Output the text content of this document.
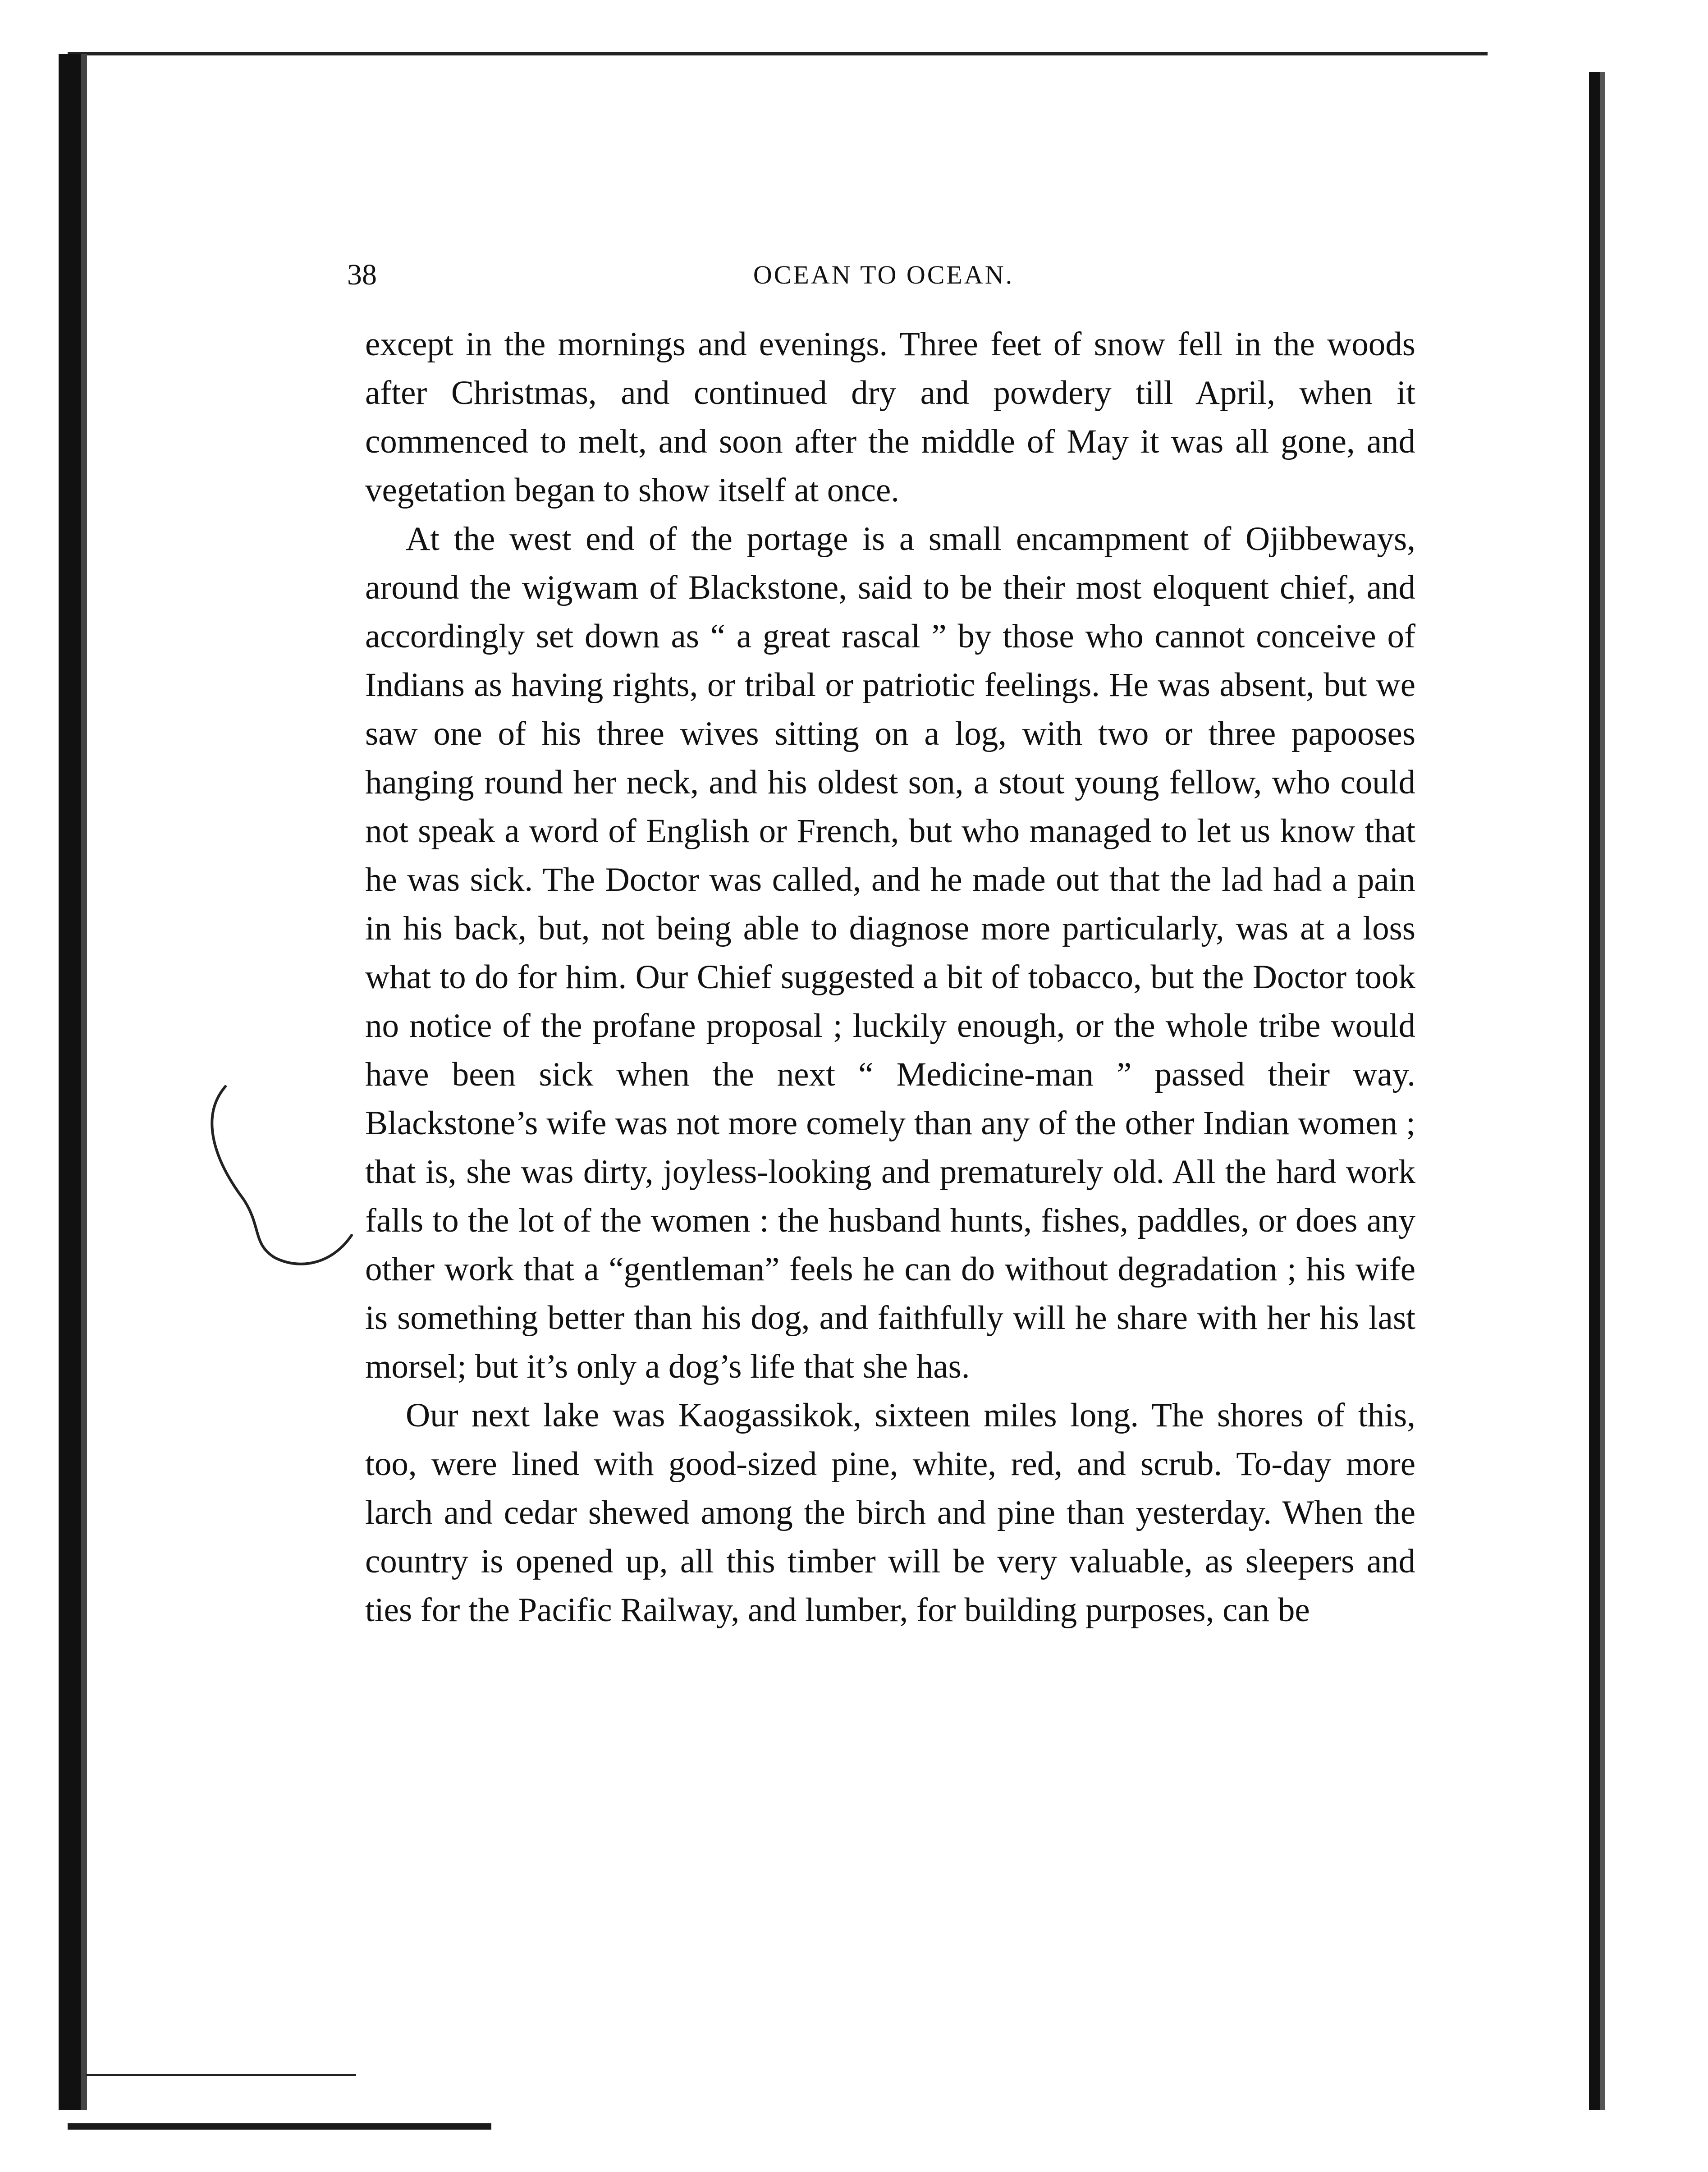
38	OCEAN TO OCEAN.

except in the mornings and evenings. Three feet of snow fell in the woods after Christmas, and continued dry and powdery till April, when it commenced to melt, and soon after the middle of May it was all gone, and vegetation began to show itself at once.

At the west end of the portage is a small encampment of Ojibbeways, around the wigwam of Blackstone, said to be their most eloquent chief, and accordingly set down as “ a great rascal ” by those who cannot conceive of Indians as having rights, or tribal or patriotic feelings. He was absent, but we saw one of his three wives sitting on a log, with two or three papooses hanging round her neck, and his oldest son, a stout young fellow, who could not speak a word of English or French, but who managed to let us know that he was sick. The Doctor was called, and he made out that the lad had a pain in his back, but, not being able to diagnose more particularly, was at a loss what to do for him. Our Chief suggested a bit of tobacco, but the Doctor took no notice of the profane proposal ; luckily enough, or the whole tribe would have been sick when the next “ Medicine-man ” passed their way. Blackstone’s wife was not more comely than any of the other Indian women ; that is, she was dirty, joyless-looking and prematurely old. All the hard work falls to the lot of the women : the husband hunts, fishes, paddles, or does any other work that a “gentleman” feels he can do without degradation ; his wife is something better than his dog, and faithfully will he share with her his last morsel; but it’s only a dog’s life that she has.

Our next lake was Kaogassikok, sixteen miles long. The shores of this, too, were lined with good-sized pine, white, red, and scrub. To-day more larch and cedar shewed among the birch and pine than yesterday. When the country is opened up, all this timber will be very valuable, as sleepers and ties for the Pacific Railway, and lumber, for building purposes, can be
